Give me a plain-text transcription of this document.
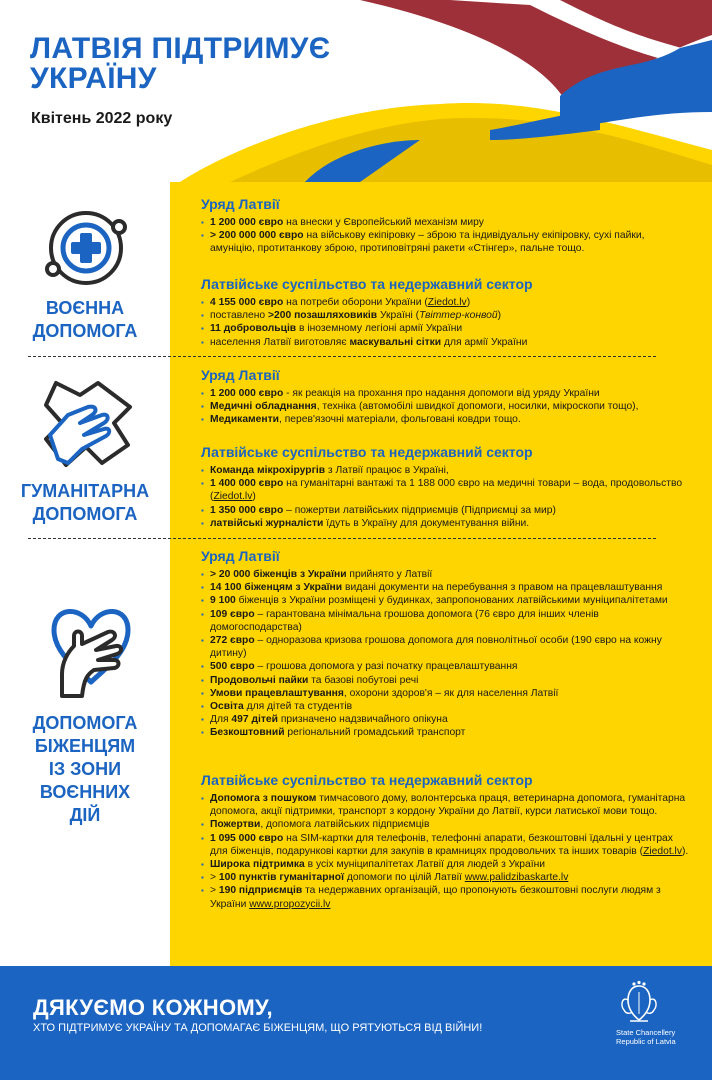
ЛАТВІЯ ПІДТРИМУЄ
УКРАЇНУ
Квітень 2022 року
ВОЄННА
ДОПОМОГА
Уряд Латвії
▪ 1 200 000 євро на внески у Європейський механізм миру
▪ > 200 000 000 євро на військову екіпіровку – зброю та індивідуальну екіпіровку, сухі пайки, амуніцію, протитанкову зброю, протиповітряні ракети «Стінгер», пальне тощо.
Латвійське суспільство та недержавний сектор
▪ 4 155 000 євро на потреби оборони України (Ziedot.lv)
▪ поставлено >200 позашляховиків Україні (Твіттер-конвой)
▪ 11 добровольців в іноземному легіоні армії України
▪ населення Латвії виготовляє маскувальні сітки для армії України
ГУМАНІТАРНА
ДОПОМОГА
Уряд Латвії
▪ 1 200 000 євро - як реакція на прохання про надання допомоги від уряду України
▪ Медичні обладнання, техніка (автомобілі швидкої допомоги, носилки, мікроскопи тощо),
▪ Медикаменти, перев'язочні матеріали, фольговані ковдри тощо.
Латвійське суспільство та недержавний сектор
▪ Команда мікрохірургів з Латвії працює в Україні,
▪ 1 400 000 євро на гуманітарні вантажі та 1 188 000 євро на медичні товари – вода, продовольство (Ziedot.lv)
▪ 1 350 000 євро – пожертви латвійських підприємців (Підприємці за мир)
▪ латвійські журналісти їдуть в Україну для документування війни.
ДОПОМОГА
БІЖЕНЦЯМ
ІЗ ЗОНИ
ВОЄННИХ
ДІЙ
Уряд Латвії
▪ > 20 000 біженців з України прийнято у Латвії
▪ 14 100 біженцям з України видані документи на перебування з правом на працевлаштування
▪ 9 100 біженців з України розміщені у будинках, запропонованих латвійськими муніципалітетами
▪ 109 євро – гарантована мінімальна грошова допомога (76 євро для інших членів домогосподарства)
▪ 272 євро – одноразова кризова грошова допомога для повнолітньої особи (190 євро на кожну дитину)
▪ 500 євро – грошова допомога у разі початку працевлаштування
▪ Продовольчі пайки та базові побутові речі
▪ Умови працевлаштування, охорони здоров'я – як для населення Латвії
▪ Освіта для дітей та студентів
▪ Для 497 дітей призначено надзвичайного опікуна
▪ Безкоштовний регіональний громадський транспорт
Латвійське суспільство та недержавний сектор
▪ Допомога з пошуком тимчасового дому, волонтерська праця, ветеринарна допомога, гуманітарна допомога, акції підтримки, транспорт з кордону України до Латвії, курси латиської мови тощо.
▪ Пожертви, допомога латвійських підприємців
▪ 1 095 000 євро на SIM-картки для телефонів, телефонні апарати, безкоштовні їдальні у центрах для біженців, подарункові картки для закупів в крамницях продовольчих та інших товарів (Ziedot.lv).
▪ Широка підтримка в усіх муніципалітетах Латвії для людей з України
▪ > 100 пунктів гуманітарної допомоги по цілій Латвії www.palidzibaskarte.lv
▪ > 190 підприємців та недержавних організацій, що пропонують безкоштовні послуги людям з України www.propozycii.lv
ДЯКУЄМО КОЖНОМУ,
ХТО ПІДТРИМУЄ УКРАЇНУ ТА ДОПОМАГАЄ БІЖЕНЦЯМ, ЩО РЯТУЮТЬСЯ ВІД ВІЙНИ!	State Chancellery
Republic of Latvia
